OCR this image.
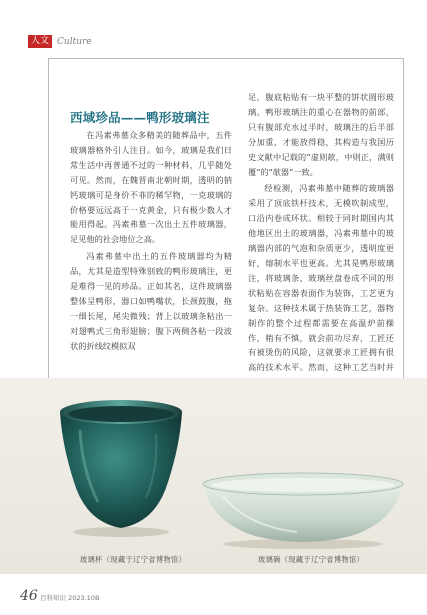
人文 Culture
西域珍品——鸭形玻璃注

在冯素弗墓众多精美的随葬品中，五件玻璃器格外引人注目。如今，玻璃是我们日常生活中再普通不过的一种材料，几乎随处可见。然而，在魏晋南北朝时期，透明的钠钙玻璃可是身价不菲的稀罕物，一克玻璃的价格要远远高于一克黄金，只有极少数人才能用得起。冯素弗墓一次出土五件玻璃器，足见他的社会地位之高。

冯素弗墓中出土的五件玻璃器均为精品，尤其是造型特殊别致的鸭形玻璃注，更是难得一见的珍品。正如其名，这件玻璃器整体呈鸭形，器口如鸭嘴状，长颈鼓腹，拖一细长尾，尾尖微残；背上以玻璃条粘出一对翅鸭式三角形翅膀；腹下两侧各粘一段波状的折线纹模拟双

足，腹底粘贴有一块平整的饼状圆形玻璃。鸭形玻璃注的重心在器物的前部，只有腹部充水过半时，玻璃注的后半部分加重，才能放得稳，其构造与我国历史文献中记载的“虚则欹，中则正，满则覆”的“欹器”一致。

经检测，冯素弗墓中随葬的玻璃器采用了顶底铁杆技术，无模吹制成型，口沿内卷成环状。相较于同时期国内其他地区出土的玻璃器，冯素弗墓中的玻璃器内部的气泡和杂质更少，透明度更好，熔制水平也更高。尤其是鸭形玻璃注，将玻璃条、玻璃丝盘卷成不同的形状粘贴在容器表面作为装饰，工艺更为复杂。这种技术属于热装饰工艺，器物制作的整个过程都需要在高温炉前操作，稍有不慎，就会前功尽弃，工匠还有被烫伤的风险，这就要求工匠拥有很高的技术水平。然而，这种工艺当时并

玻璃杯（现藏于辽宁省博物馆）	玻璃碗（现藏于辽宁省博物馆）
46 百科知识 2023.10B
